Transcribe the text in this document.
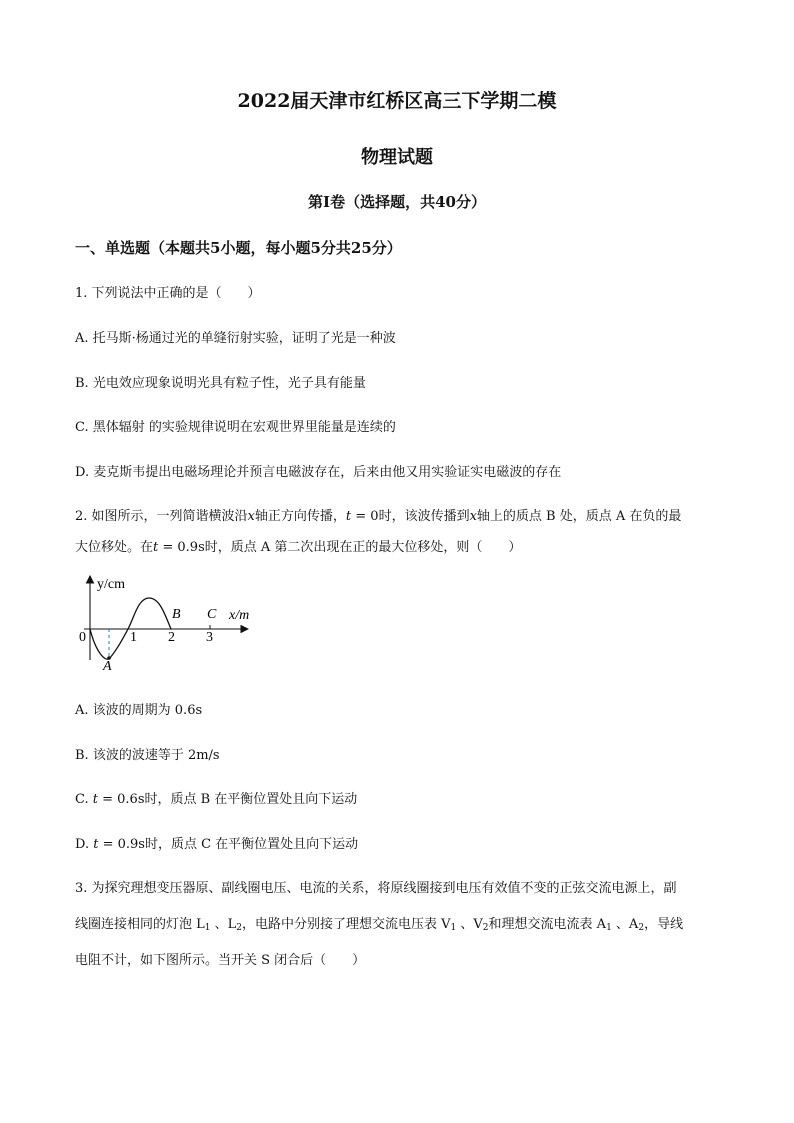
2022届天津市红桥区高三下学期二模
物理试题
第Ⅰ卷（选择题，共40分）
一、单选题（本题共5小题，每小题5分共25分）
1. 下列说法中正确的是（　　）
A. 托马斯·杨通过光的单缝衍射实验，证明了光是一种波
B. 光电效应现象说明光具有粒子性，光子具有能量
C. 黑体辐射 的实验规律说明在宏观世界里能量是连续的
D. 麦克斯韦提出电磁场理论并预言电磁波存在，后来由他又用实验证实电磁波的存在
2. 如图所示，一列简谐横波沿x轴正方向传播，t = 0时，该波传播到x轴上的质点 B 处，质点 A 在负的最
大位移处。在t = 0.9s时，质点 A 第二次出现在正的最大位移处，则（　　）
y/cm
x/m
0	1 2 3
A
B C
A. 该波的周期为 0.6s
B. 该波的波速等于 2m/s
C. t = 0.6s时，质点 B 在平衡位置处且向下运动
D. t = 0.9s时，质点 C 在平衡位置处且向下运动
3. 为探究理想变压器原、副线圈电压、电流的关系，将原线圈接到电压有效值不变的正弦交流电源上，副
线圈连接相同的灯泡 $L_1$ 、$L_2$，电路中分别接了理想交流电压表 $V_1$ 、$V_2$和理想交流电流表 $A_1$ 、$A_2$，导线
电阻不计，如下图所示。当开关 S 闭合后（　　）
